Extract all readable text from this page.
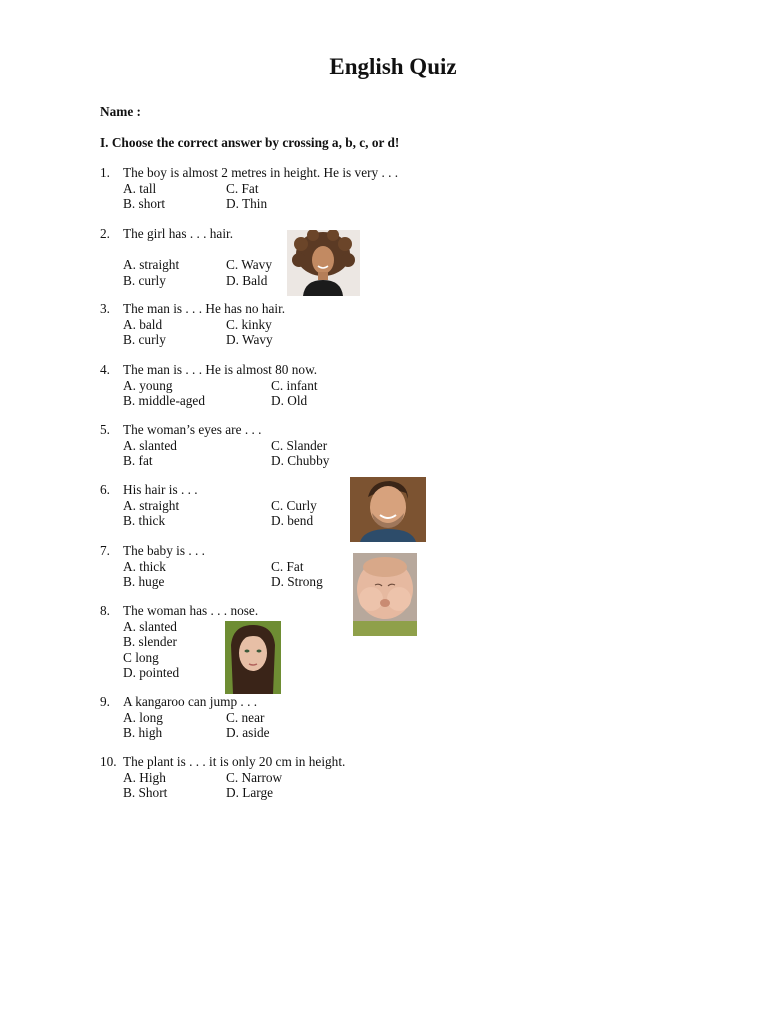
English Quiz
Name :
I. Choose the correct answer by crossing a, b, c, or d!
1. The boy is almost 2 metres in height. He is very . . .
A. tall	C. Fat
B. short	D. Thin
2. The girl has . . . hair.
A. straight	C. Wavy
B. curly	D. Bald
3. The man is . . . He has no hair.
A. bald	C. kinky
B. curly	D. Wavy
4. The man is . . . He is almost 80 now.
A. young	C. infant
B. middle-aged	D. Old
5. The woman’s eyes are . . .
A. slanted	C. Slander
B. fat	D. Chubby
6. His hair is . . .
A. straight	C. Curly
B. thick	D. bend
7. The baby is . . .
A. thick	C. Fat
B. huge	D. Strong
8. The woman has . . . nose.
A. slanted
B. slender
C long
D. pointed
9. A kangaroo can jump . . .
A. long	C. near
B. high	D. aside
10. The plant is . . . it is only 20 cm in height.
A. High	C. Narrow
B. Short	D. Large
